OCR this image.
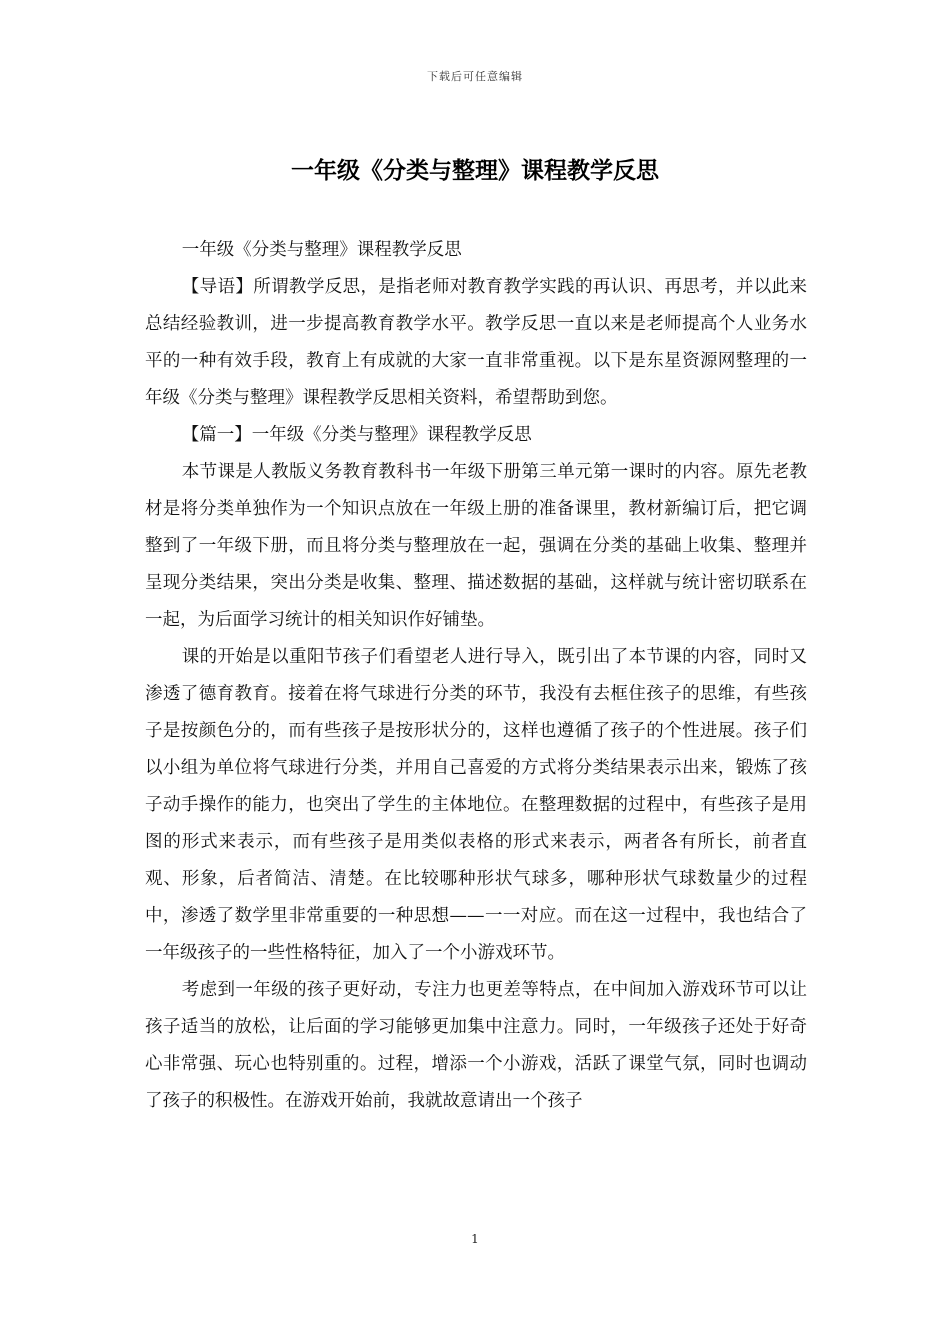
下载后可任意编辑
一年级《分类与整理》课程教学反思

一年级《分类与整理》课程教学反思

【导语】所谓教学反思，是指老师对教育教学实践的再认识、再思考，并以此来总结经验教训，进一步提高教育教学水平。教学反思一直以来是老师提高个人业务水平的一种有效手段，教育上有成就的大家一直非常重视。以下是东星资源网整理的一年级《分类与整理》课程教学反思相关资料，希望帮助到您。

【篇一】一年级《分类与整理》课程教学反思

本节课是人教版义务教育教科书一年级下册第三单元第一课时的内容。原先老教材是将分类单独作为一个知识点放在一年级上册的准备课里，教材新编订后，把它调整到了一年级下册，而且将分类与整理放在一起，强调在分类的基础上收集、整理并呈现分类结果，突出分类是收集、整理、描述数据的基础，这样就与统计密切联系在一起，为后面学习统计的相关知识作好铺垫。

课的开始是以重阳节孩子们看望老人进行导入，既引出了本节课的内容，同时又渗透了德育教育。接着在将气球进行分类的环节，我没有去框住孩子的思维，有些孩子是按颜色分的，而有些孩子是按形状分的，这样也遵循了孩子的个性进展。孩子们以小组为单位将气球进行分类，并用自己喜爱的方式将分类结果表示出来，锻炼了孩子动手操作的能力，也突出了学生的主体地位。在整理数据的过程中，有些孩子是用图的形式来表示，而有些孩子是用类似表格的形式来表示，两者各有所长，前者直观、形象，后者简洁、清楚。在比较哪种形状气球多，哪种形状气球数量少的过程中，渗透了数学里非常重要的一种思想——一一对应。而在这一过程中，我也结合了一年级孩子的一些性格特征，加入了一个小游戏环节。

考虑到一年级的孩子更好动，专注力也更差等特点，在中间加入游戏环节可以让孩子适当的放松，让后面的学习能够更加集中注意力。同时，一年级孩子还处于好奇心非常强、玩心也特别重的。过程，增添一个小游戏，活跃了课堂气氛，同时也调动了孩子的积极性。在游戏开始前，我就故意请出一个孩子

1
